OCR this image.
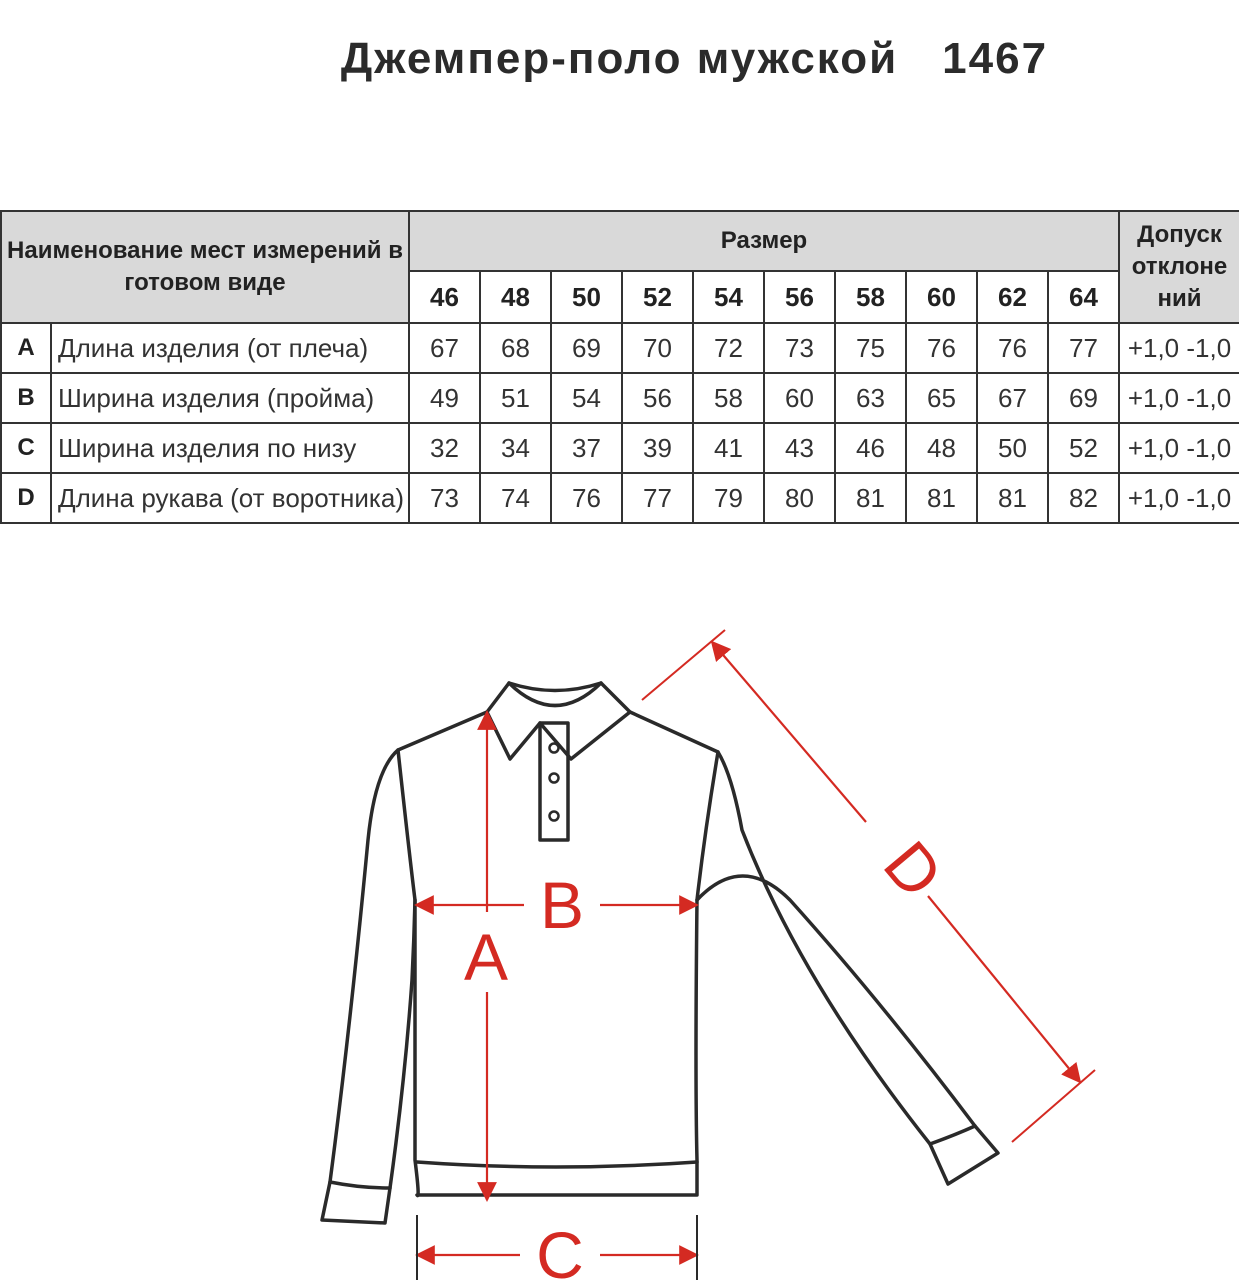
Джемпер-поло мужской 1467
Наименование мест измерений в готовом виде		Размер										Допуск отклоне ний
		46	48	50	52	54	56	58	60	62	64	
A	Длина изделия (от плеча)	67	68	69	70	72	73	75	76	76	77	+1,0 -1,0
B	Ширина изделия (пройма)	49	51	54	56	58	60	63	65	67	69	+1,0 -1,0
C	Ширина изделия по низу	32	34	37	39	41	43	46	48	50	52	+1,0 -1,0
D	Длина рукава (от воротника)	73	74	76	77	79	80	81	81	81	82	+1,0 -1,0
A
B
C
D
